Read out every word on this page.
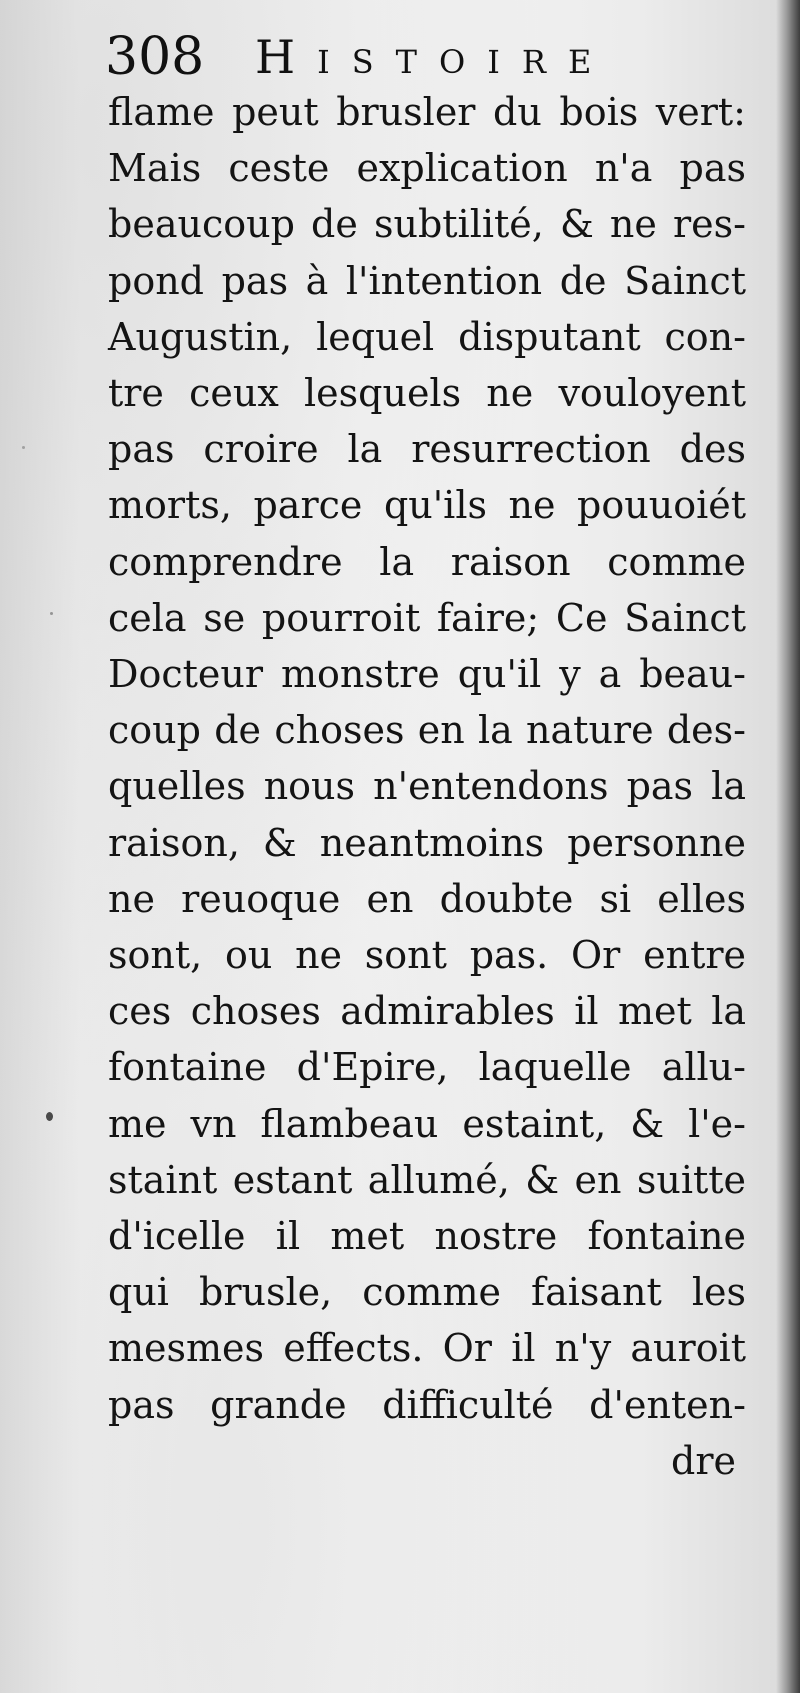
308 Histoire
flame peut brusler du bois vert:
Mais ceste explication n'a pas
beaucoup de subtilité, & ne res-
pond pas à l'intention de Sainct
Augustin, lequel disputant con-
tre ceux lesquels ne vouloyent
pas croire la resurrection des
morts, parce qu'ils ne pouuoiét
comprendre la raison comme
cela se pourroit faire; Ce Sainct
Docteur monstre qu'il y a beau-
coup de choses en la nature des-
quelles nous n'entendons pas la
raison, & neantmoins personne
ne reuoque en doubte si elles
sont, ou ne sont pas. Or entre
ces choses admirables il met la
fontaine d'Epire, laquelle allu-
me vn flambeau estaint, & l'e-
staint estant allumé, & en suitte
d'icelle il met nostre fontaine
qui brusle, comme faisant les
mesmes effects. Or il n'y auroit
pas grande difficulté d'enten-
dre
